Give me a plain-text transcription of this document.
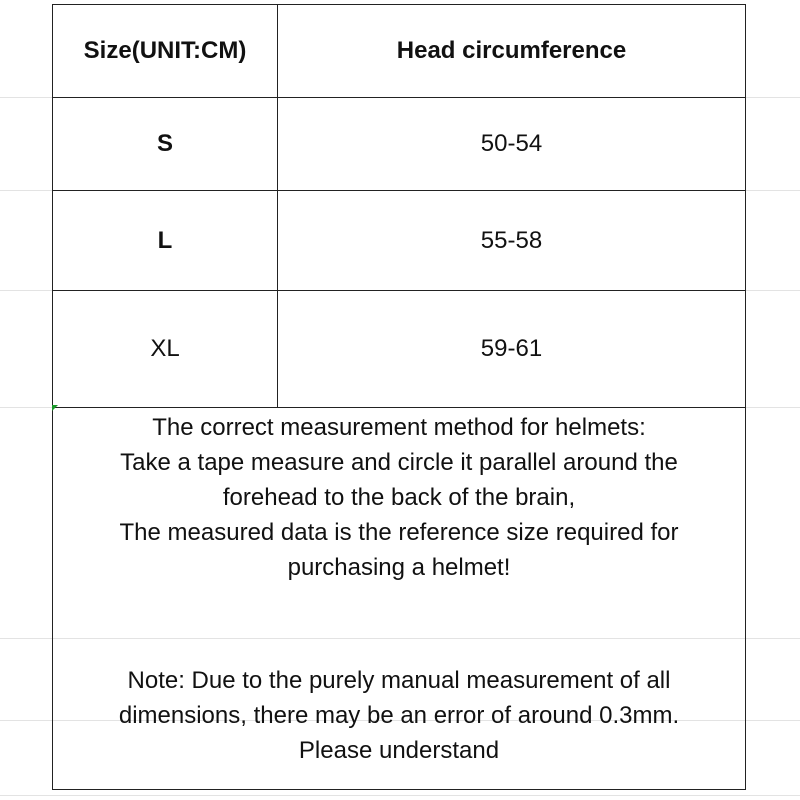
Size(UNIT:CM)	Head circumference
S	50-54
L	55-58
XL	59-61
The correct measurement method for helmets:
Take a tape measure and circle it parallel around the
forehead to the back of the brain,
The measured data is the reference size required for
purchasing a helmet!
Note: Due to the purely manual measurement of all
dimensions, there may be an error of around 0.3mm.
Please understand
